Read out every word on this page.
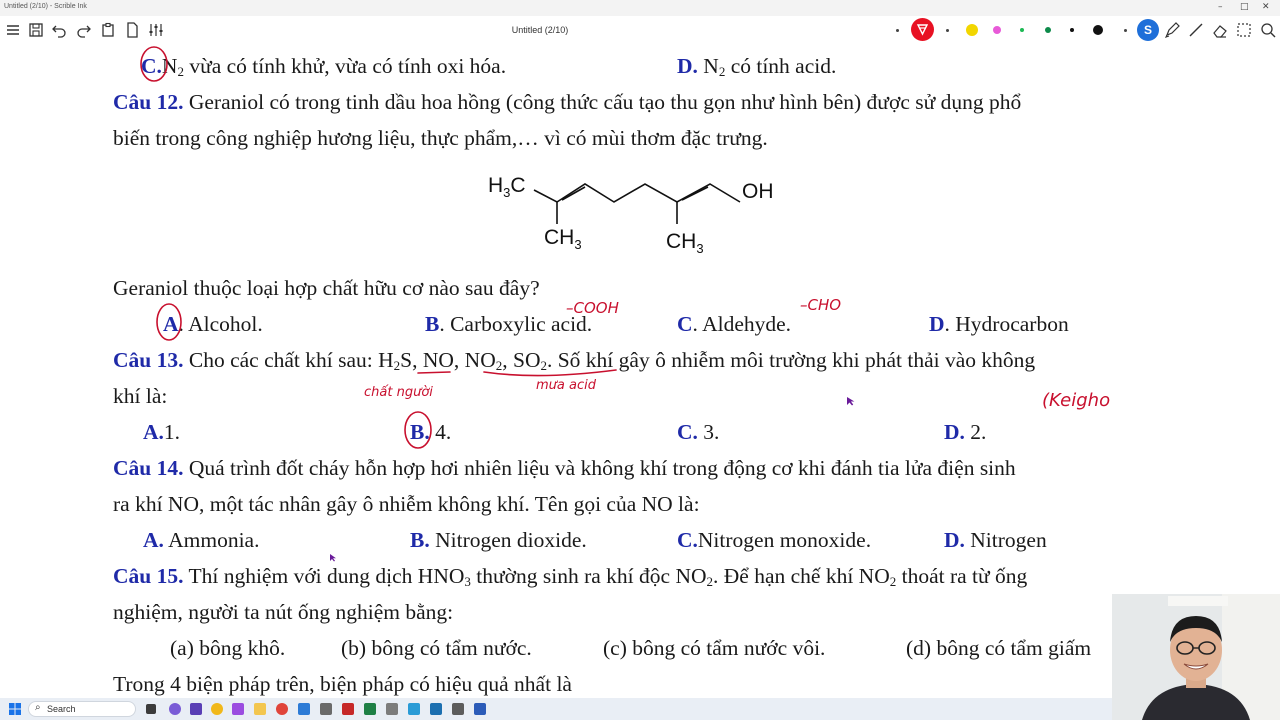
Untitled (2/10) - Scrible Ink	– □ ✕
S
Untitled (2/10)
$C.N_2$ vừa có tính khử, vừa có tính oxi hóa.	D. $N_2$ có tính acid.
Câu 12. Geraniol có trong tinh dầu hoa hồng (công thức cấu tạo thu gọn như hình bên) được sử dụng phổ
biến trong công nghiệp hương liệu, thực phẩm,… vì có mùi thơm đặc trưng.
$H_3C$	OH
$CH_3$	$CH_3$
Geraniol thuộc loại hợp chất hữu cơ nào sau đây?
A. Alcohol.	B. Carboxylic acid.	C. Aldehyde.	D. Hydrocarbon
Câu 13. Cho các chất khí sau: $H_2S$, NO, $NO_2$, $SO_2$. Số khí gây ô nhiễm môi trường khi phát thải vào không
khí là:
A.1.	B. 4.	C. 3.	D. 2.
Câu 14. Quá trình đốt cháy hỗn hợp hơi nhiên liệu và không khí trong động cơ khi đánh tia lửa điện sinh
ra khí NO, một tác nhân gây ô nhiễm không khí. Tên gọi của NO là:
A. Ammonia.	B. Nitrogen dioxide.	C.Nitrogen monoxide.	D. Nitrogen
Câu 15. Thí nghiệm với dung dịch $HNO_3$ thường sinh ra khí độc $NO_2$. Để hạn chế khí $NO_2$ thoát ra từ ống
nghiệm, người ta nút ống nghiệm bằng:
(a) bông khô.	(b) bông có tẩm nước.	(c) bông có tẩm nước vôi.	(d) bông có tẩm giấm
Trong 4 biện pháp trên, biện pháp có hiệu quả nhất là
–COOH	–CHO
chất người	mưa acid
(Keigho
⌕ Search
